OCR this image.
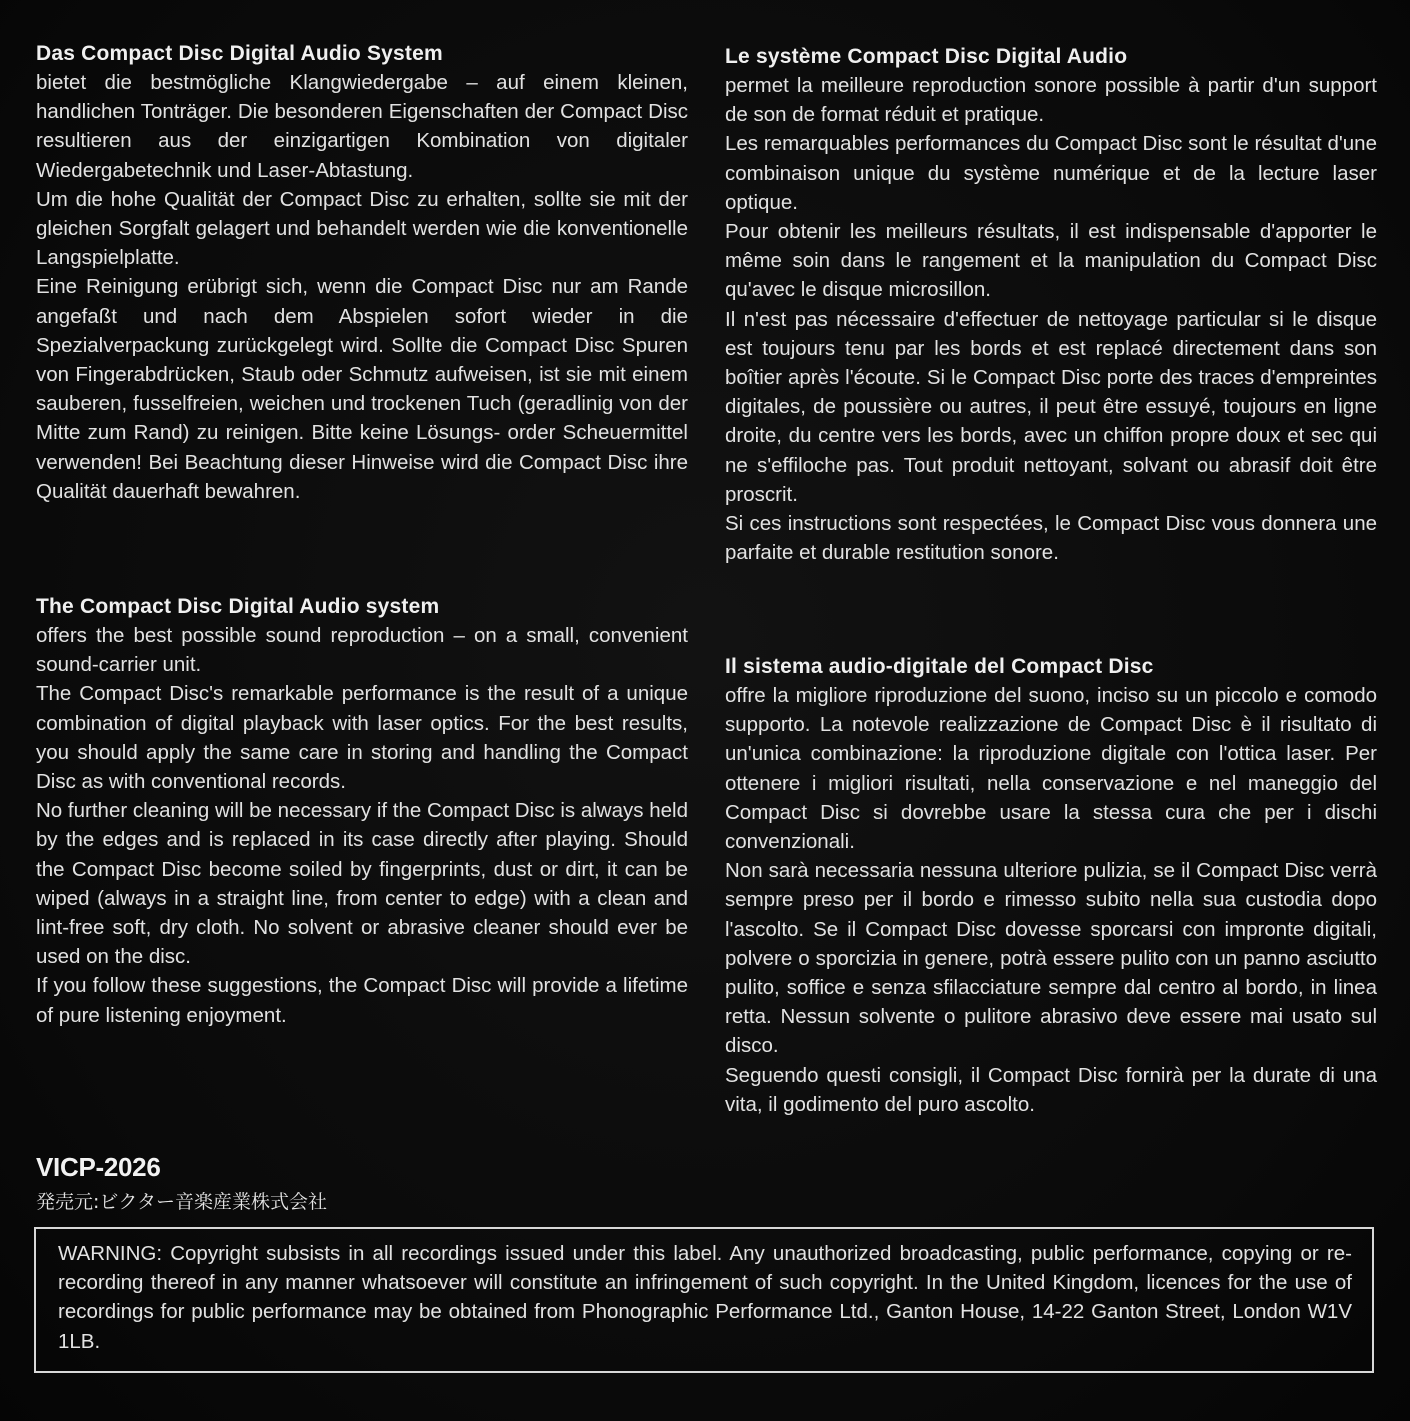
Das Compact Disc Digital Audio System

bietet die bestmögliche Klangwiedergabe – auf einem kleinen, handlichen Tonträger. Die besonderen Eigenschaften der Compact Disc resultieren aus der einzigartigen Kombination von digitaler Wiedergabetechnik und Laser-Abtastung.

Um die hohe Qualität der Compact Disc zu erhalten, sollte sie mit der gleichen Sorgfalt gelagert und behandelt werden wie die konventionelle Langspielplatte.

Eine Reinigung erübrigt sich, wenn die Compact Disc nur am Rande angefaßt und nach dem Abspielen sofort wieder in die Spezialverpackung zurückgelegt wird. Sollte die Compact Disc Spuren von Fingerabdrücken, Staub oder Schmutz aufweisen, ist sie mit einem sauberen, fusselfreien, weichen und trockenen Tuch (geradlinig von der Mitte zum Rand) zu reinigen. Bitte keine Lösungs- order Scheuermittel verwenden! Bei Beachtung dieser Hinweise wird die Compact Disc ihre Qualität dauerhaft bewahren.

The Compact Disc Digital Audio system

offers the best possible sound reproduction – on a small, convenient sound-carrier unit.

The Compact Disc's remarkable performance is the result of a unique combination of digital playback with laser optics. For the best results, you should apply the same care in storing and handling the Compact Disc as with conventional records.

No further cleaning will be necessary if the Compact Disc is always held by the edges and is replaced in its case directly after playing. Should the Compact Disc become soiled by fingerprints, dust or dirt, it can be wiped (always in a straight line, from center to edge) with a clean and lint-free soft, dry cloth. No solvent or abrasive cleaner should ever be used on the disc.

If you follow these suggestions, the Compact Disc will provide a lifetime of pure listening enjoyment.

Le système Compact Disc Digital Audio

permet la meilleure reproduction sonore possible à partir d'un support de son de format réduit et pratique.

Les remarquables performances du Compact Disc sont le résultat d'une combinaison unique du système numérique et de la lecture laser optique.

Pour obtenir les meilleurs résultats, il est indispensable d'apporter le même soin dans le rangement et la manipulation du Compact Disc qu'avec le disque microsillon.

Il n'est pas nécessaire d'effectuer de nettoyage particular si le disque est toujours tenu par les bords et est replacé directement dans son boîtier après l'écoute. Si le Compact Disc porte des traces d'empreintes digitales, de poussière ou autres, il peut être essuyé, toujours en ligne droite, du centre vers les bords, avec un chiffon propre doux et sec qui ne s'effiloche pas. Tout produit nettoyant, solvant ou abrasif doit être proscrit.

Si ces instructions sont respectées, le Compact Disc vous donnera une parfaite et durable restitution sonore.

Il sistema audio-digitale del Compact Disc

offre la migliore riproduzione del suono, inciso su un piccolo e comodo supporto. La notevole realizzazione de Compact Disc è il risultato di un'unica combinazione: la riproduzione digitale con l'ottica laser. Per ottenere i migliori risultati, nella conservazione e nel maneggio del Compact Disc si dovrebbe usare la stessa cura che per i dischi convenzionali.

Non sarà necessaria nessuna ulteriore pulizia, se il Compact Disc verrà sempre preso per il bordo e rimesso subito nella sua custodia dopo l'ascolto. Se il Compact Disc dovesse sporcarsi con impronte digitali, polvere o sporcizia in genere, potrà essere pulito con un panno asciutto pulito, soffice e senza sfilacciature sempre dal centro al bordo, in linea retta. Nessun solvente o pulitore abrasivo deve essere mai usato sul disco.

Seguendo questi consigli, il Compact Disc fornirà per la durate di una vita, il godimento del puro ascolto.

VICP-2026
発売元:ビクター音楽産業株式会社

WARNING: Copyright subsists in all recordings issued under this label. Any unauthorized broadcasting, public performance, copying or re-recording thereof in any manner whatsoever will constitute an infringement of such copyright. In the United Kingdom, licences for the use of recordings for public performance may be obtained from Phonographic Performance Ltd., Ganton House, 14-22 Ganton Street, London W1V 1LB.
